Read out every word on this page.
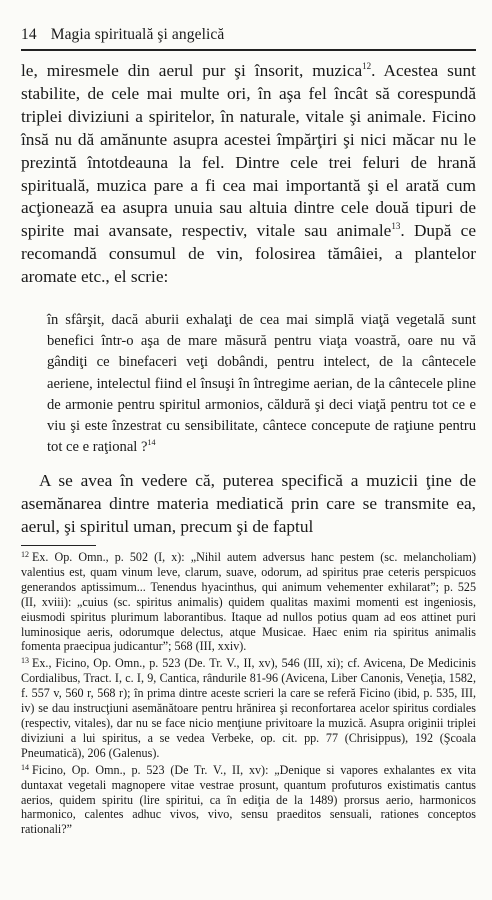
14 Magia spirituală şi angelică

le, miresmele din aerul pur şi însorit, muzica$^{12}$. Acestea sunt stabilite, de cele mai multe ori, în aşa fel încât să corespundă triplei diviziuni a spiritelor, în naturale, vitale şi animale. Ficino însă nu dă amănunte asupra acestei împărţiri şi nici măcar nu le prezintă întotdeauna la fel. Dintre cele trei feluri de hrană spirituală, muzica pare a fi cea mai importantă şi el arată cum acţionează ea asupra unuia sau altuia dintre cele două tipuri de spirite mai avansate, respectiv, vitale sau animale$^{13}$. După ce recomandă consumul de vin, folosirea tămâiei, a plantelor aromate etc., el scrie:

în sfârşit, dacă aburii exhalaţi de cea mai simplă viaţă vegetală sunt benefici într-o aşa de mare măsură pentru viaţa voastră, oare nu vă gândiţi ce binefaceri veţi dobândi, pentru intelect, de la cântecele aeriene, intelectul fiind el însuşi în întregime aerian, de la cântecele pline de armonie pentru spiritul armonios, căldură şi deci viaţă pentru tot ce e viu şi este înzestrat cu sensibilitate, cântece concepute de raţiune pentru tot ce e raţional ?$^{14}$

A se avea în vedere că, puterea specifică a muzicii ţine de asemănarea dintre materia mediatică prin care se transmite ea, aerul, şi spiritul uman, precum şi de faptul

$^{12}$ Ex. Op. Omn., p. 502 (I, x): „Nihil autem adversus hanc pestem (sc. melancholiam) valentius est, quam vinum leve, clarum, suave, odorum, ad spiritus prae ceteris perspicuos generandos aptissimum... Tenendus hyacinthus, qui animum vehementer exhilarat”; p. 525 (II, xviii): „cuius (sc. spiritus animalis) quidem qualitas maximi momenti est ingeniosis, eiusmodi spiritus plurimum laborantibus. Itaque ad nullos potius quam ad eos attinet puri luminosique aeris, odorumque delectus, atque Musicae. Haec enim ria spiritus animalis fomenta praecipua judicantur”; 568 (III, xxiv).

$^{13}$ Ex., Ficino, Op. Omn., p. 523 (De. Tr. V., II, xv), 546 (III, xi); cf. Avicena, De Medicinis Cordialibus, Tract. I, c. I, 9, Cantica, rândurile 81-96 (Avicena, Liber Canonis, Veneţia, 1582, f. 557 v, 560 r, 568 r); în prima dintre aceste scrieri la care se referă Ficino (ibid, p. 535, III, iv) se dau instrucţiuni asemănătoare pentru hrănirea şi reconfortarea acelor spiritus cordiales (respectiv, vitales), dar nu se face nicio menţiune privitoare la muzică. Asupra originii triplei diviziuni a lui spiritus, a se vedea Verbeke, op. cit. pp. 77 (Chrisippus), 192 (Şcoala Pneumatică), 206 (Galenus).

$^{14}$ Ficino, Op. Omn., p. 523 (De Tr. V., II, xv): „Denique si vapores exhalantes ex vita duntaxat vegetali magnopere vitae vestrae prosunt, quantum profuturos existimatis cantus aerios, quidem spiritu (lire spiritui, ca în ediţia de la 1489) prorsus aerio, harmonicos harmonico, calentes adhuc vivos, vivo, sensu praeditos sensuali, rationes conceptos rationali?”
